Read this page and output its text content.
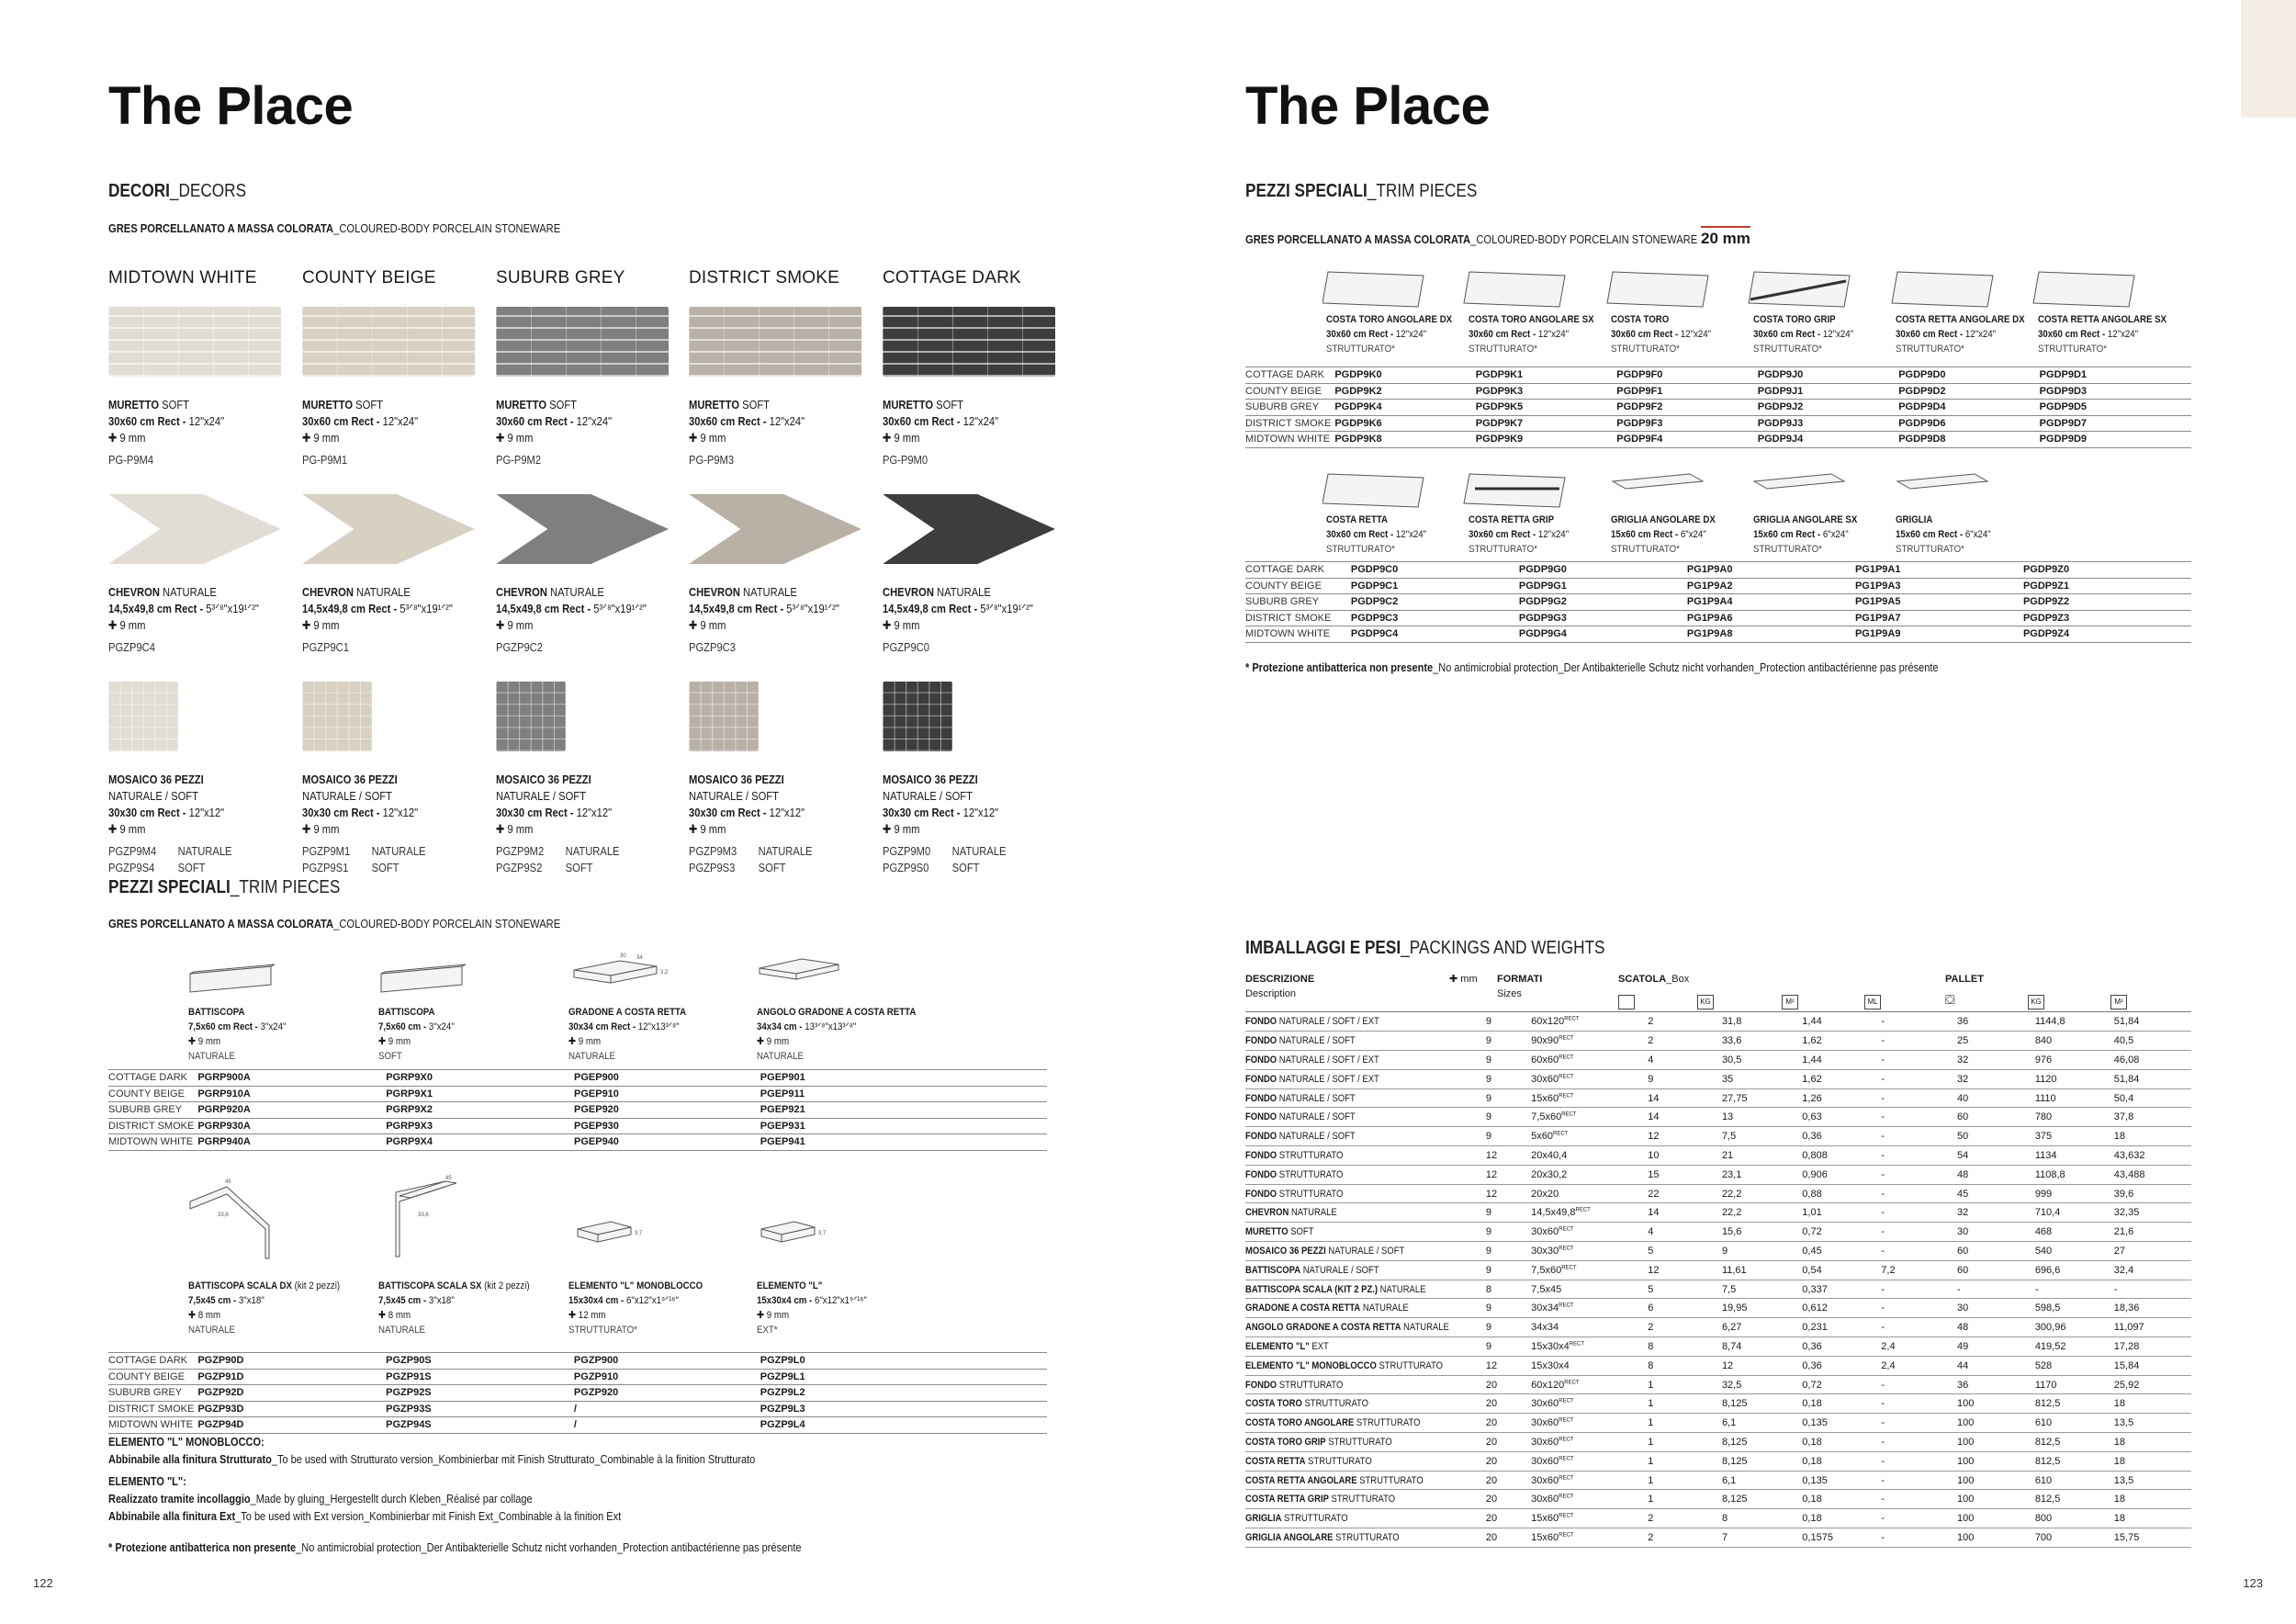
The Place
DECORI_DECORS
GRES PORCELLANATO A MASSA COLORATA_COLOURED-BODY PORCELAIN STONEWARE
MIDTOWN WHITE
MURETTO SOFT
30x60 cm Rect - 12"x24"
✚ 9 mm
PG-P9M4
CHEVRON NATURALE
14,5x49,8 cm Rect - 5³ᐟ⁸"x19¹ᐟ²"
✚ 9 mm
PGZP9C4
MOSAICO 36 PEZZI
NATURALE / SOFT
30x30 cm Rect - 12"x12"
✚ 9 mm
PGZP9M4	NATURALE
PGZP9S4	SOFT
COUNTY BEIGE
MURETTO SOFT
30x60 cm Rect - 12"x24"
✚ 9 mm
PG-P9M1
CHEVRON NATURALE
14,5x49,8 cm Rect - 5³ᐟ⁸"x19¹ᐟ²"
✚ 9 mm
PGZP9C1
MOSAICO 36 PEZZI
NATURALE / SOFT
30x30 cm Rect - 12"x12"
✚ 9 mm
PGZP9M1	NATURALE
PGZP9S1	SOFT
SUBURB GREY
MURETTO SOFT
30x60 cm Rect - 12"x24"
✚ 9 mm
PG-P9M2
CHEVRON NATURALE
14,5x49,8 cm Rect - 5³ᐟ⁸"x19¹ᐟ²"
✚ 9 mm
PGZP9C2
MOSAICO 36 PEZZI
NATURALE / SOFT
30x30 cm Rect - 12"x12"
✚ 9 mm
PGZP9M2	NATURALE
PGZP9S2	SOFT
DISTRICT SMOKE
MURETTO SOFT
30x60 cm Rect - 12"x24"
✚ 9 mm
PG-P9M3
CHEVRON NATURALE
14,5x49,8 cm Rect - 5³ᐟ⁸"x19¹ᐟ²"
✚ 9 mm
PGZP9C3
MOSAICO 36 PEZZI
NATURALE / SOFT
30x30 cm Rect - 12"x12"
✚ 9 mm
PGZP9M3	NATURALE
PGZP9S3	SOFT
COTTAGE DARK
MURETTO SOFT
30x60 cm Rect - 12"x24"
✚ 9 mm
PG-P9M0
CHEVRON NATURALE
14,5x49,8 cm Rect - 5³ᐟ⁸"x19¹ᐟ²"
✚ 9 mm
PGZP9C0
MOSAICO 36 PEZZI
NATURALE / SOFT
30x30 cm Rect - 12"x12"
✚ 9 mm
PGZP9M0	NATURALE
PGZP9S0	SOFT
PEZZI SPECIALI_TRIM PIECES
GRES PORCELLANATO A MASSA COLORATA_COLOURED-BODY PORCELAIN STONEWARE
30 34
3,2
45
33,6
45
33,6
3,7	3,7
COTTAGE DARK	PGRP900A	PGRP9X0	PGEP900	PGEP901
COUNTY BEIGE	PGRP910A	PGRP9X1	PGEP910	PGEP911
SUBURB GREY	PGRP920A	PGRP9X2	PGEP920	PGEP921
DISTRICT SMOKE	PGRP930A	PGRP9X3	PGEP930	PGEP931
MIDTOWN WHITE	PGRP940A	PGRP9X4	PGEP940	PGEP941
COTTAGE DARK	PGZP90D	PGZP90S	PGZP900	PGZP9L0
COUNTY BEIGE	PGZP91D	PGZP91S	PGZP910	PGZP9L1
SUBURB GREY	PGZP92D	PGZP92S	PGZP920	PGZP9L2
DISTRICT SMOKE	PGZP93D	PGZP93S	/	PGZP9L3
MIDTOWN WHITE	PGZP94D	PGZP94S	/	PGZP9L4
ELEMENTO "L" MONOBLOCCO:
Abbinabile alla finitura Strutturato_To be used with Strutturato version_Kombinierbar mit Finish Strutturato_Combinable à la finition Strutturato
ELEMENTO "L":
Realizzato tramite incollaggio_Made by gluing_Hergestellt durch Kleben_Réalisé par collage
Abbinabile alla finitura Ext_To be used with Ext version_Kombinierbar mit Finish Ext_Combinable à la finition Ext
* Protezione antibatterica non presente_No antimicrobial protection_Der Antibakterielle Schutz nicht vorhanden_Protection antibactérienne pas présente
122
BATTISCOPA
7,5x60 cm Rect - 3"x24"
✚ 9 mm
NATURALE
BATTISCOPA
7,5x60 cm - 3"x24"
✚ 9 mm
SOFT
GRADONE A COSTA RETTA
30x34 cm Rect - 12"x13³ᐟ⁸"
✚ 9 mm
NATURALE
ANGOLO GRADONE A COSTA RETTA
34x34 cm - 13³ᐟ⁸"x13³ᐟ⁸"
✚ 9 mm
NATURALE
BATTISCOPA SCALA DX (kit 2 pezzi)
7,5x45 cm - 3"x18"
✚ 8 mm
NATURALE
BATTISCOPA SCALA SX (kit 2 pezzi)
7,5x45 cm - 3"x18"
✚ 8 mm
NATURALE
ELEMENTO "L" MONOBLOCCO
15x30x4 cm - 6"x12"x1⁹ᐟ¹⁶"
✚ 12 mm
STRUTTURATO*
ELEMENTO "L"
15x30x4 cm - 6"x12"x1⁹ᐟ¹⁶"
✚ 9 mm
EXT*
The Place
PEZZI SPECIALI_TRIM PIECES
GRES PORCELLANATO A MASSA COLORATA_COLOURED-BODY PORCELAIN STONEWARE 20 mm
COTTAGE DARK	PGDP9K0	PGDP9K1	PGDP9F0	PGDP9J0	PGDP9D0	PGDP9D1
COUNTY BEIGE	PGDP9K2	PGDP9K3	PGDP9F1	PGDP9J1	PGDP9D2	PGDP9D3
SUBURB GREY	PGDP9K4	PGDP9K5	PGDP9F2	PGDP9J2	PGDP9D4	PGDP9D5
DISTRICT SMOKE	PGDP9K6	PGDP9K7	PGDP9F3	PGDP9J3	PGDP9D6	PGDP9D7
MIDTOWN WHITE	PGDP9K8	PGDP9K9	PGDP9F4	PGDP9J4	PGDP9D8	PGDP9D9
COTTAGE DARK	PGDP9C0	PGDP9G0	PG1P9A0	PG1P9A1	PGDP9Z0
COUNTY BEIGE	PGDP9C1	PGDP9G1	PG1P9A2	PG1P9A3	PGDP9Z1
SUBURB GREY	PGDP9C2	PGDP9G2	PG1P9A4	PG1P9A5	PGDP9Z2
DISTRICT SMOKE	PGDP9C3	PGDP9G3	PG1P9A6	PG1P9A7	PGDP9Z3
MIDTOWN WHITE	PGDP9C4	PGDP9G4	PG1P9A8	PG1P9A9	PGDP9Z4
* Protezione antibatterica non presente_No antimicrobial protection_Der Antibakterielle Schutz nicht vorhanden_Protection antibactérienne pas présente
IMBALLAGGI E PESI_PACKINGS AND WEIGHTS
DESCRIZIONE
Description
✚ mm FORMATI
Sizes
SCATOLA_Box	PALLET

KG	M²	ML	⛋	KG	M²
FONDO NATURALE / SOFT / EXT	9	$60x120^{RECT}$	2	31,8	1,44	-	36	1144,8	51,84
FONDO NATURALE / SOFT	9	$90x90^{RECT}$	2	33,6	1,62	-	25	840	40,5
FONDO NATURALE / SOFT / EXT	9	$60x60^{RECT}$	4	30,5	1,44	-	32	976	46,08
FONDO NATURALE / SOFT / EXT	9	$30x60^{RECT}$	9	35	1,62	-	32	1120	51,84
FONDO NATURALE / SOFT	9	$15x60^{RECT}$	14	27,75	1,26	-	40	1110	50,4
FONDO NATURALE / SOFT	9	$7,5x60^{RECT}$	14	13	0,63	-	60	780	37,8
FONDO NATURALE / SOFT	9	$5x60^{RECT}$	12	7,5	0,36	-	50	375	18
FONDO STRUTTURATO	12	20x40,4	10	21	0,808	-	54	1134	43,632
FONDO STRUTTURATO	12	20x30,2	15	23,1	0,906	-	48	1108,8	43,488
FONDO STRUTTURATO	12	20x20	22	22,2	0,88	-	45	999	39,6
CHEVRON NATURALE	9	$14,5x49,8^{RECT}$	14	22,2	1,01	-	32	710,4	32,35
MURETTO SOFT	9	$30x60^{RECT}$	4	15,6	0,72	-	30	468	21,6
MOSAICO 36 PEZZI NATURALE / SOFT	9	$30x30^{RECT}$	5	9	0,45	-	60	540	27
BATTISCOPA NATURALE / SOFT	9	$7,5x60^{RECT}$	12	11,61	0,54	7,2	60	696,6	32,4
BATTISCOPA SCALA (KIT 2 PZ.) NATURALE	8	7,5x45	5	7,5	0,337	-	-	-	-
GRADONE A COSTA RETTA NATURALE	9	$30x34^{RECT}$	6	19,95	0,612	-	30	598,5	18,36
ANGOLO GRADONE A COSTA RETTA NATURALE	9	34x34	2	6,27	0,231	-	48	300,96	11,097
ELEMENTO "L" EXT	9	$15x30x4^{RECT}$	8	8,74	0,36	2,4	49	419,52	17,28
ELEMENTO "L" MONOBLOCCO STRUTTURATO	12	15x30x4	8	12	0,36	2,4	44	528	15,84
FONDO STRUTTURATO	20	$60x120^{RECT}$	1	32,5	0,72	-	36	1170	25,92
COSTA TORO STRUTTURATO	20	$30x60^{RECT}$	1	8,125	0,18	-	100	812,5	18
COSTA TORO ANGOLARE STRUTTURATO	20	$30x60^{RECT}$	1	6,1	0,135	-	100	610	13,5
COSTA TORO GRIP STRUTTURATO	20	$30x60^{RECT}$	1	8,125	0,18	-	100	812,5	18
COSTA RETTA STRUTTURATO	20	$30x60^{RECT}$	1	8,125	0,18	-	100	812,5	18
COSTA RETTA ANGOLARE STRUTTURATO	20	$30x60^{RECT}$	1	6,1	0,135	-	100	610	13,5
COSTA RETTA GRIP STRUTTURATO	20	$30x60^{RECT}$	1	8,125	0,18	-	100	812,5	18
GRIGLIA STRUTTURATO	20	$15x60^{RECT}$	2	8	0,18	-	100	800	18
GRIGLIA ANGOLARE STRUTTURATO	20	$15x60^{RECT}$	2	7	0,1575	-	100	700	15,75
123
COSTA TORO ANGOLARE DX
30x60 cm Rect - 12"x24"
STRUTTURATO*
COSTA TORO ANGOLARE SX
30x60 cm Rect - 12"x24"
STRUTTURATO*
COSTA TORO
30x60 cm Rect - 12"x24"
STRUTTURATO*
COSTA TORO GRIP
30x60 cm Rect - 12"x24"
STRUTTURATO*
COSTA RETTA ANGOLARE DX
30x60 cm Rect - 12"x24"
STRUTTURATO*
COSTA RETTA ANGOLARE SX
30x60 cm Rect - 12"x24"
STRUTTURATO*
COSTA RETTA
30x60 cm Rect - 12"x24"
STRUTTURATO*
COSTA RETTA GRIP
30x60 cm Rect - 12"x24"
STRUTTURATO*
GRIGLIA ANGOLARE DX
15x60 cm Rect - 6"x24"
STRUTTURATO*
GRIGLIA ANGOLARE SX
15x60 cm Rect - 6"x24"
STRUTTURATO*
GRIGLIA
15x60 cm Rect - 6"x24"
STRUTTURATO*
